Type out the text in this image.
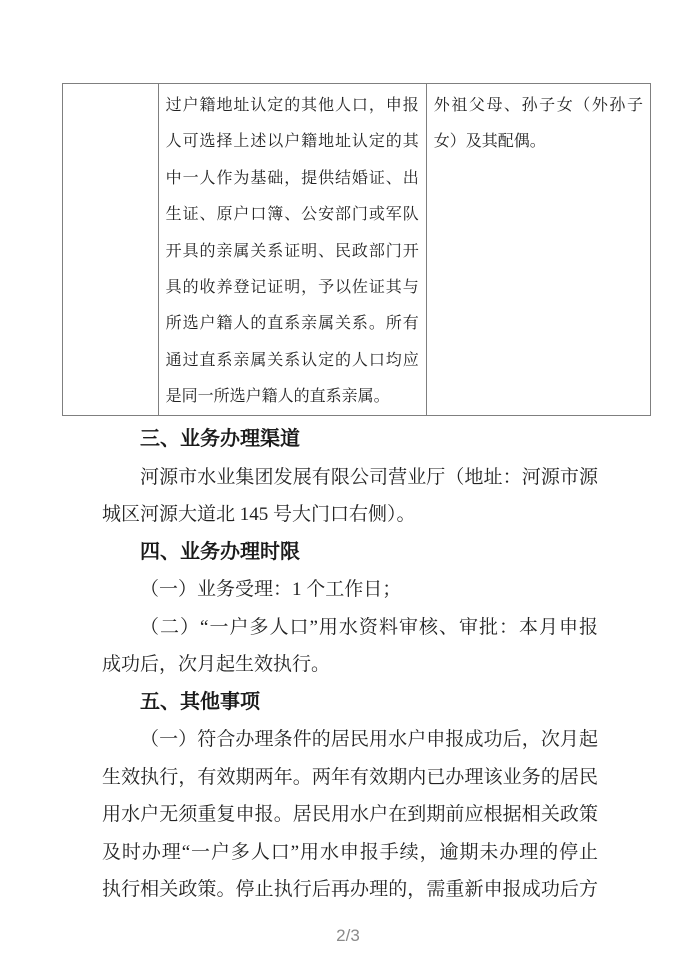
过户籍地址认定的其他人口，申报
人可选择上述以户籍地址认定的其
中一人作为基础，提供结婚证、出
生证、原户口簿、公安部门或军队
开具的亲属关系证明、民政部门开
具的收养登记证明，予以佐证其与
所选户籍人的直系亲属关系。所有
通过直系亲属关系认定的人口均应
是同一所选户籍人的直系亲属。
外祖父母、孙子女（外孙子
女）及其配偶。
三、业务办理渠道
河源市水业集团发展有限公司营业厅（地址：河源市源
城区河源大道北 145 号大门口右侧）。
四、业务办理时限
（一）业务受理：1 个工作日；
（二）“一户多人口”用水资料审核、审批：本月申报
成功后，次月起生效执行。
五、其他事项
（一）符合办理条件的居民用水户申报成功后，次月起
生效执行，有效期两年。两年有效期内已办理该业务的居民
用水户无须重复申报。居民用水户在到期前应根据相关政策
及时办理“一户多人口”用水申报手续，逾期未办理的停止
执行相关政策。停止执行后再办理的，需重新申报成功后方
2/3
